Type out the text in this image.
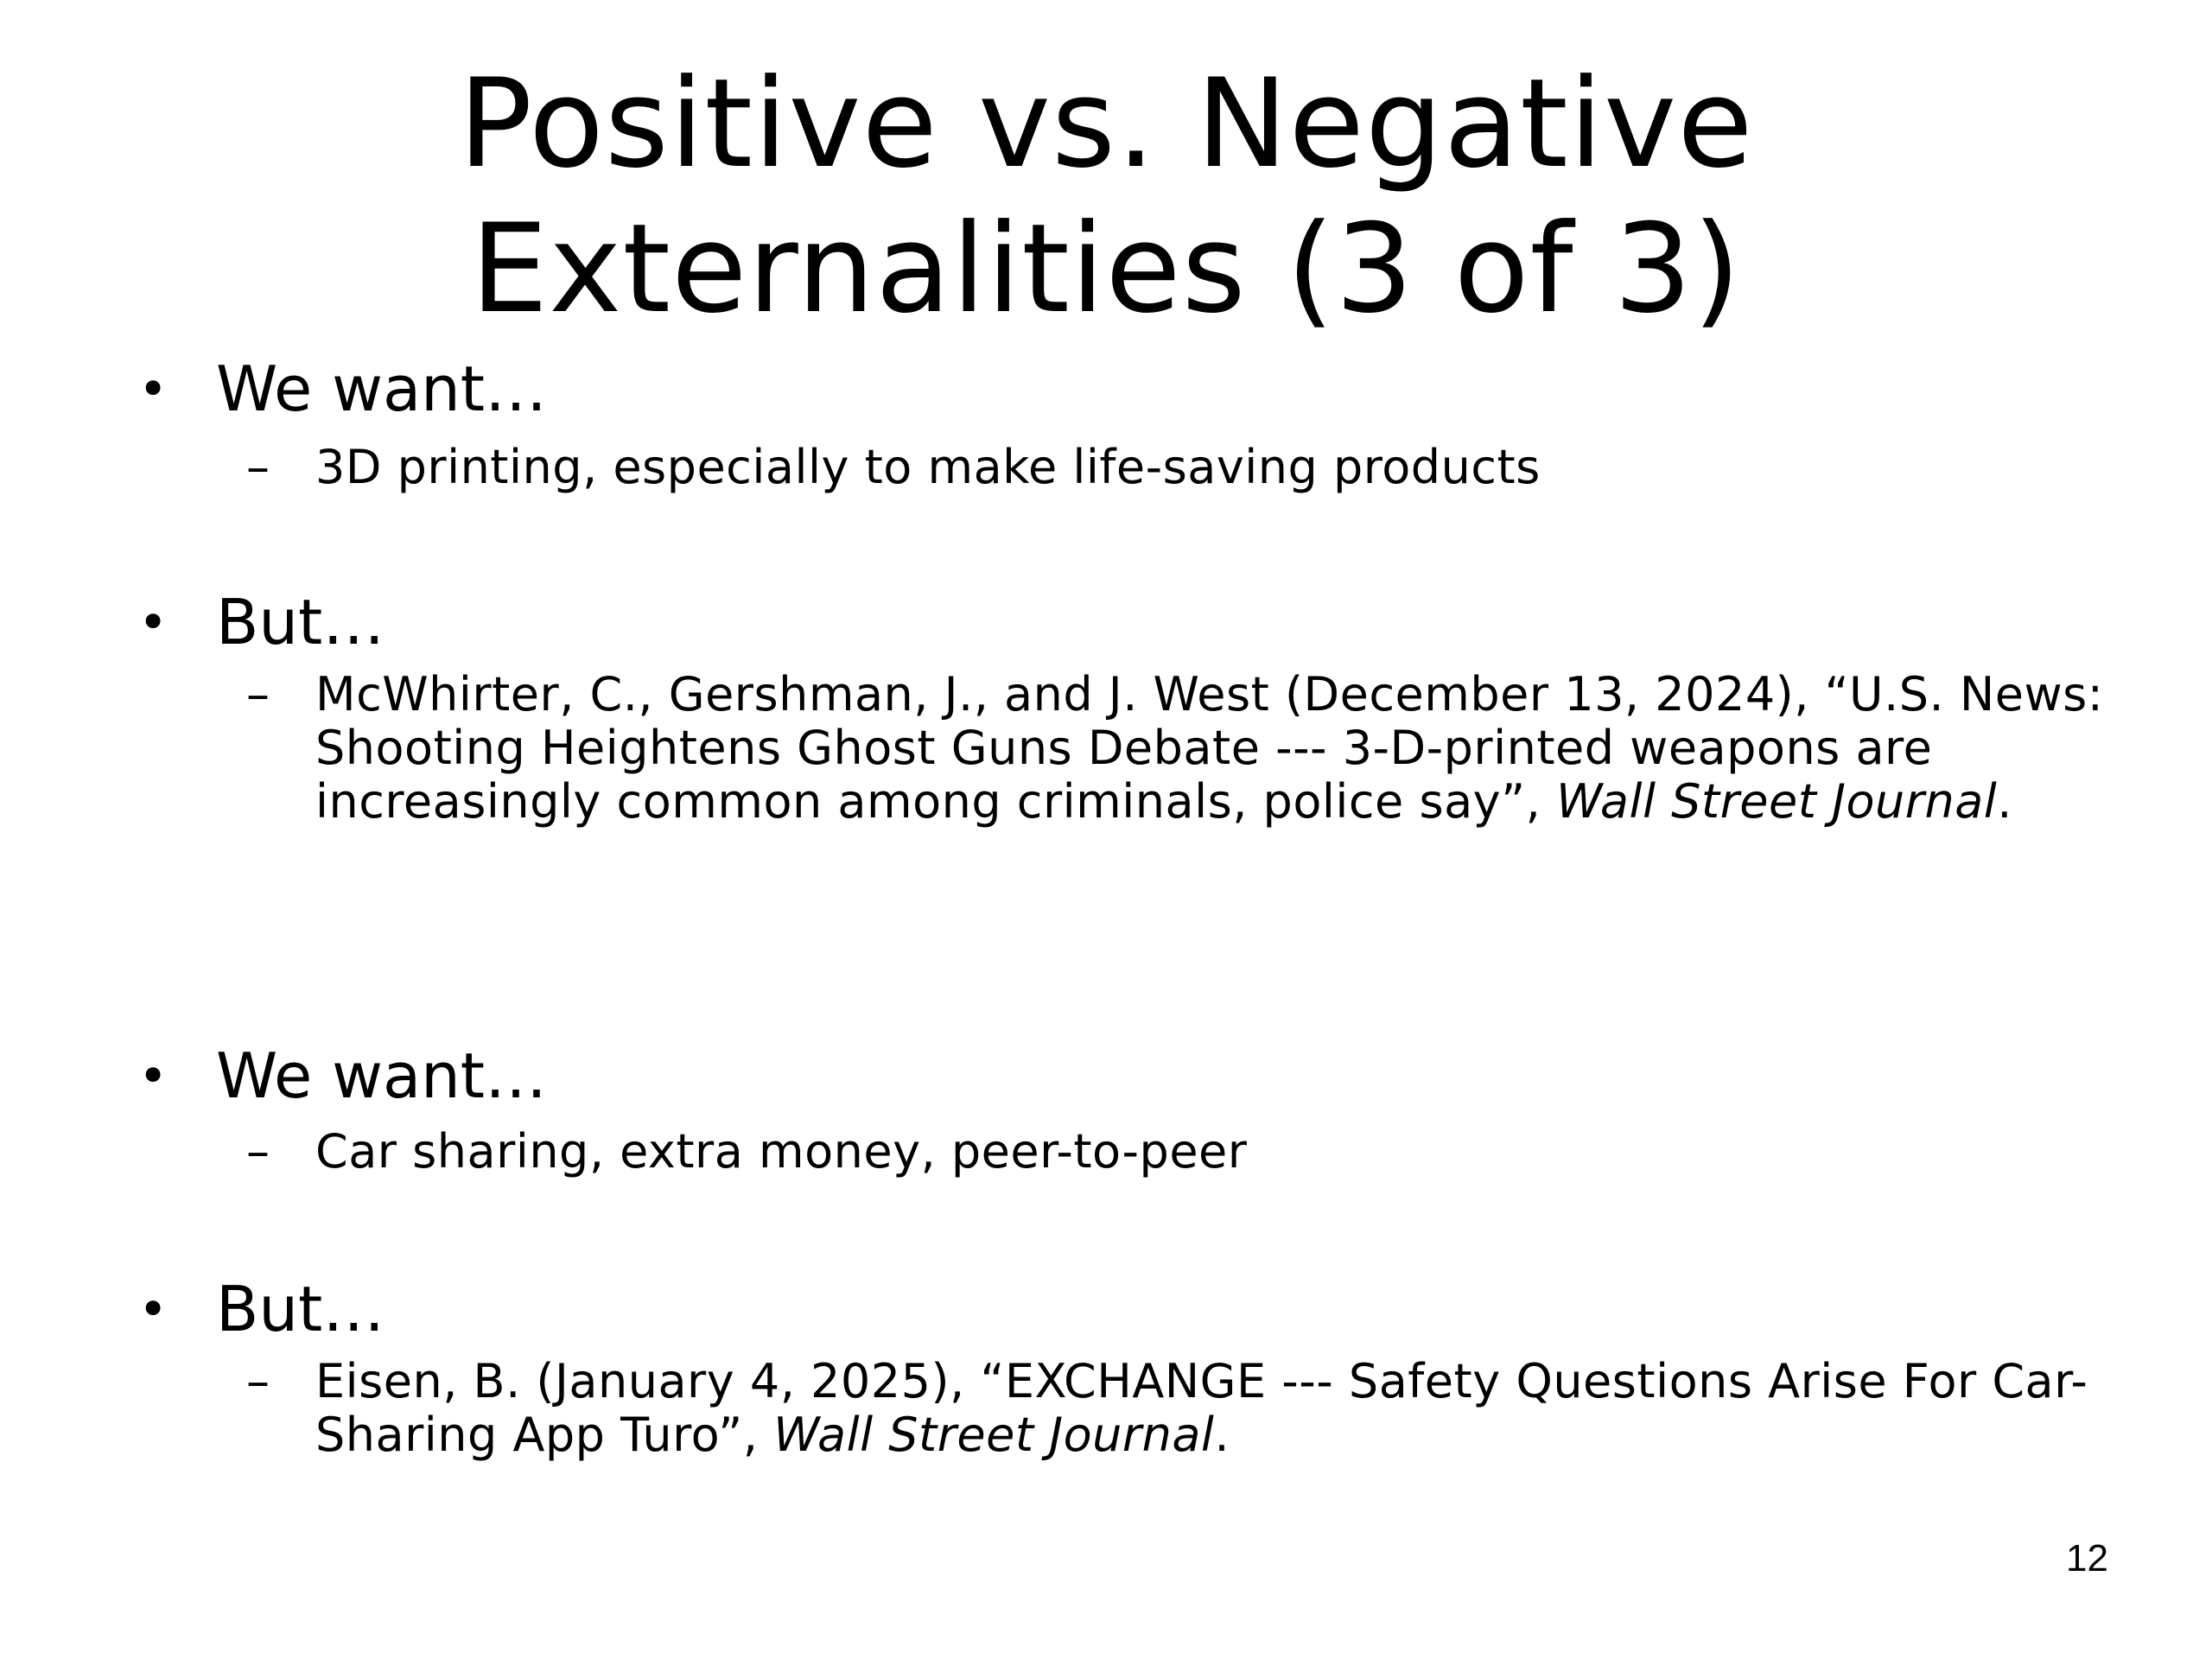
Positive vs. Negative
Externalities (3 of 3)
• We want…
– 3D printing, especially to make life-saving products
• But…
– McWhirter, C., Gershman, J., and J. West (December 13, 2024), “U.S. News: Shooting Heightens Ghost Guns Debate --- 3-D-printed weapons are increasingly common among criminals, police say”, Wall Street Journal.
• We want…
– Car sharing, extra money, peer-to-peer
• But…
– Eisen, B. (January 4, 2025), “EXCHANGE --- Safety Questions Arise For Car-Sharing App Turo”, Wall Street Journal.
12
